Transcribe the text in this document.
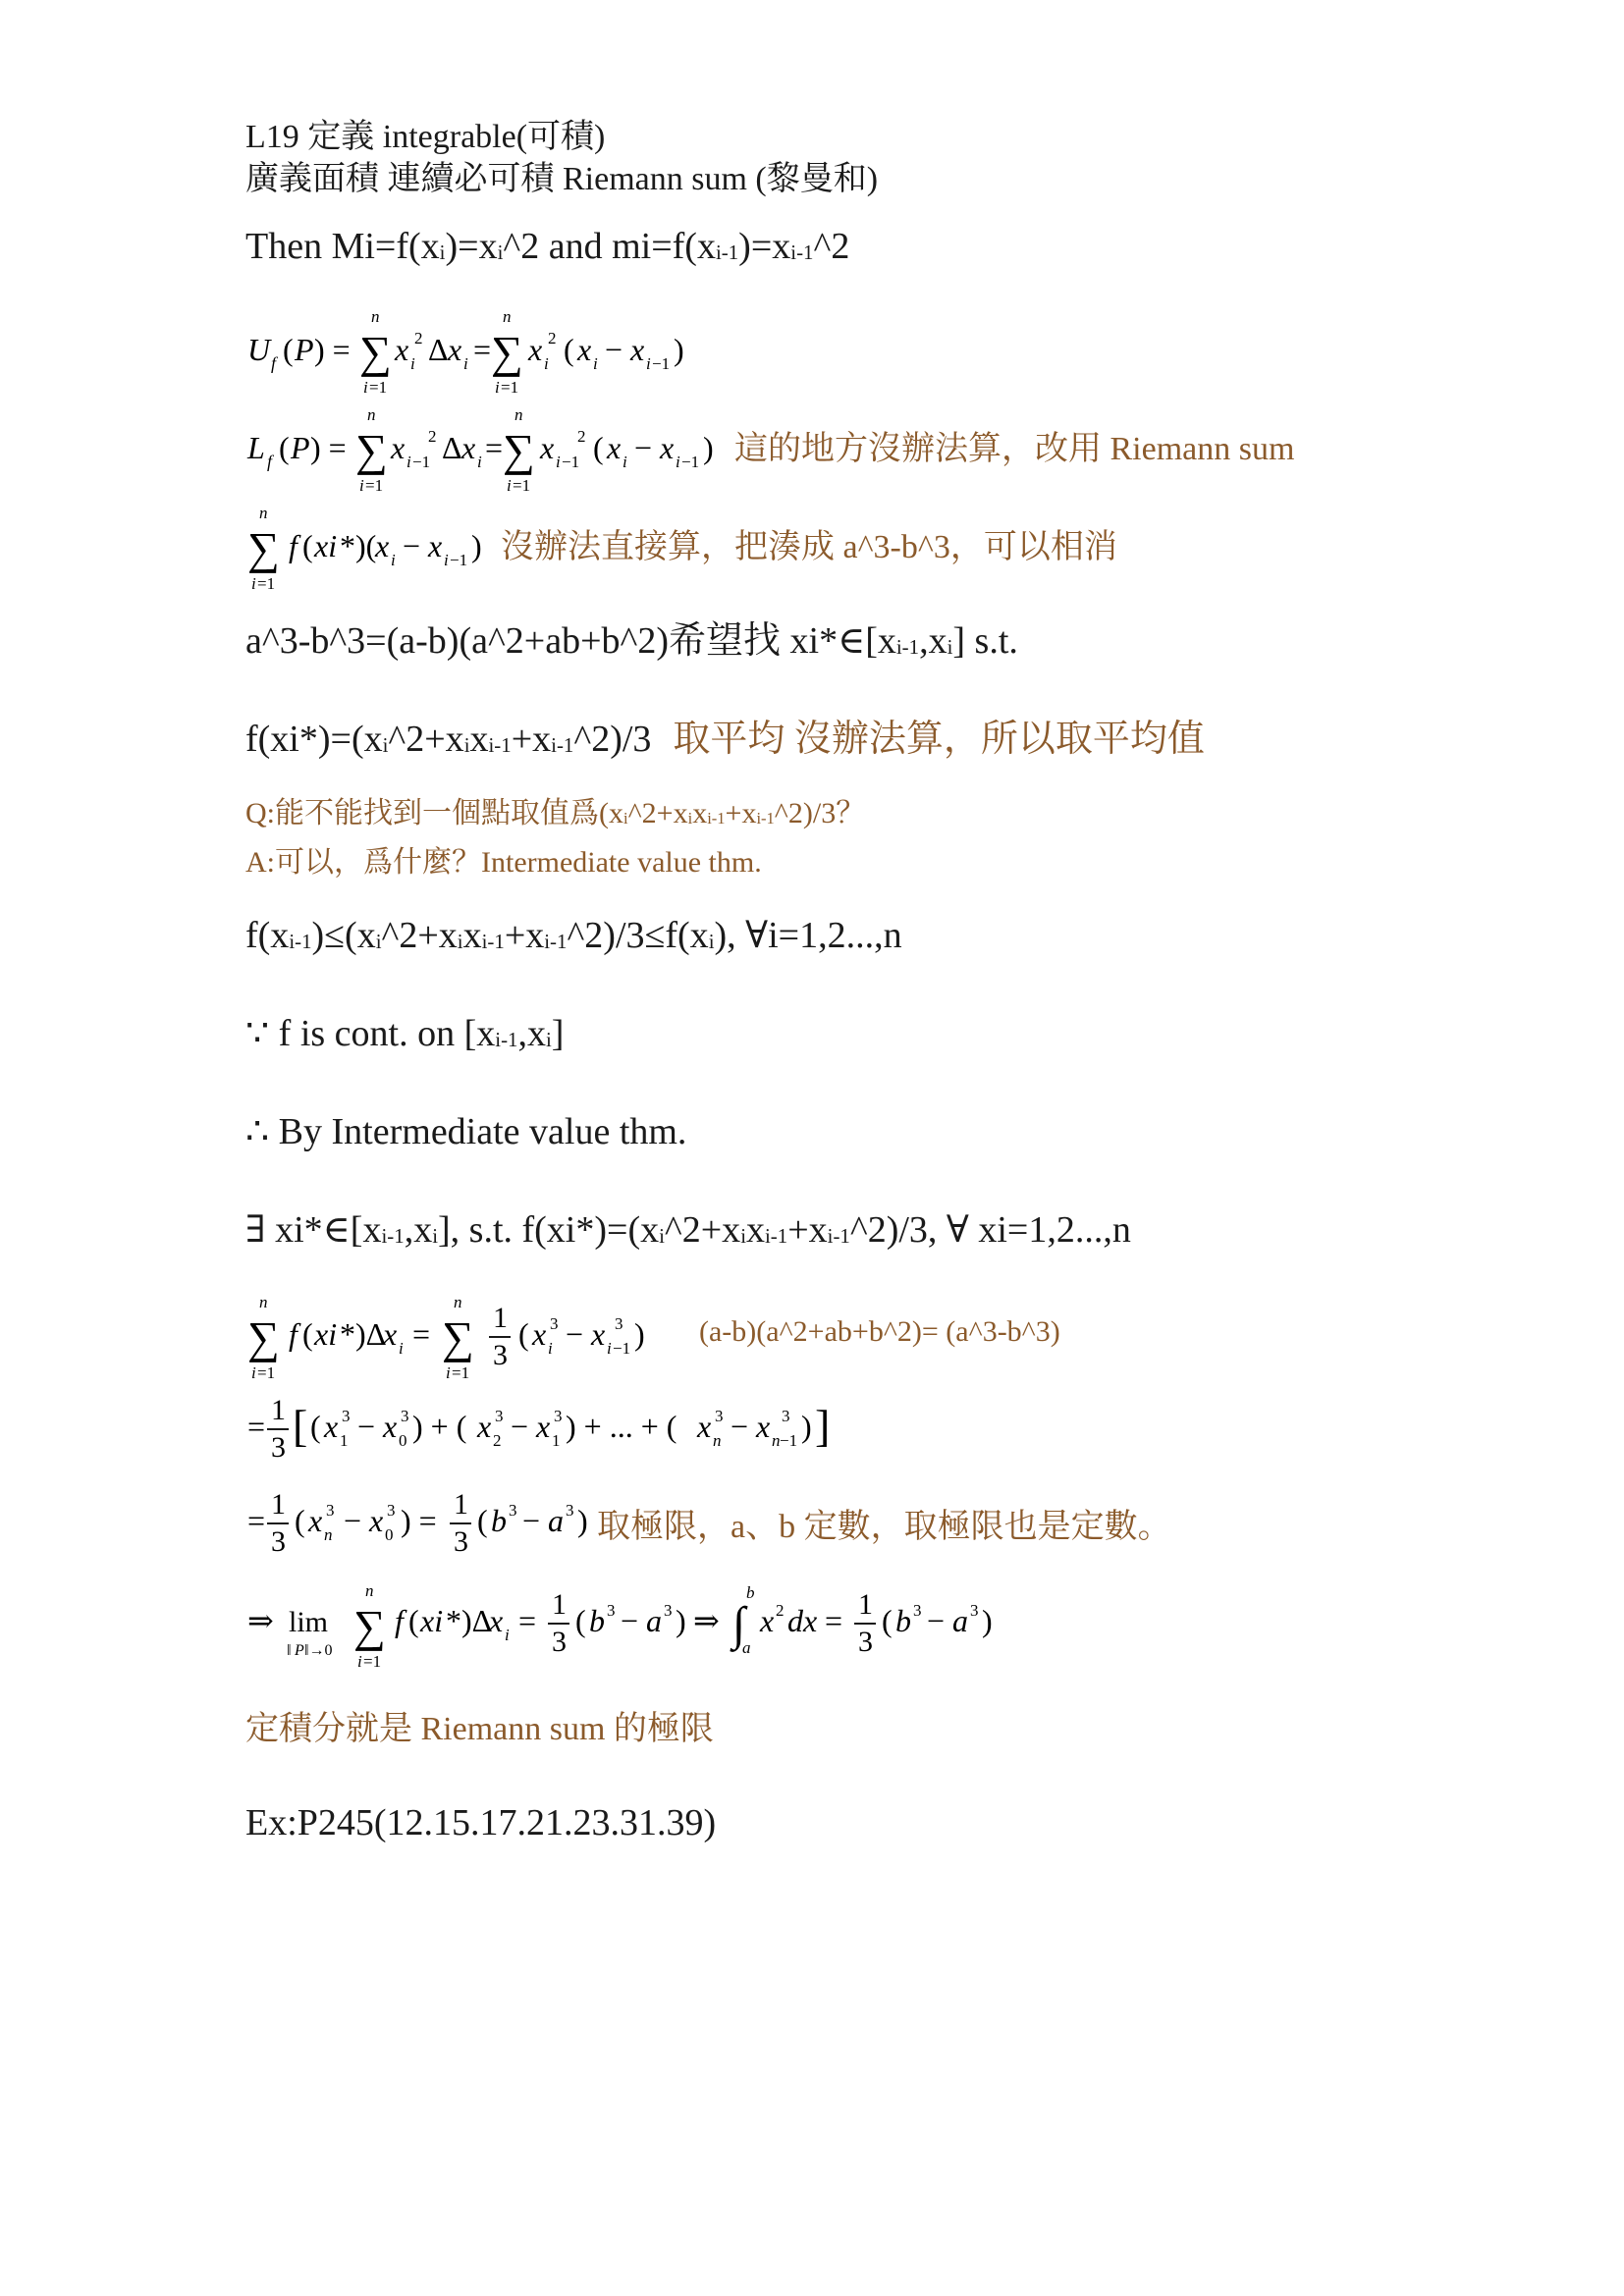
L19 定義 integrable(可積)
廣義面積 連續必可積 Riemann sum (黎曼和)
Then $Mi=f(x_i)=x_i\^{}2$ and $mi=f(x_{i-1})=x_{i-1}\^{}2$
U f ( P ) =
n
∑
i =1
x i
2 Δ x i =
n
∑
i =1
x i
2 ( x i − x i −1 )
L f ( P ) =
n
∑
i =1
x i −1
2 Δ x i =
n
∑
i =1
x i −1
2 ( x i − x i −1 ) 這的地方沒辦法算，改用 Riemann sum
n
∑
i =1
f ( xi *)(
x i − x i −1 ) 沒辦法直接算，把湊成 a^3-b^3，可以相消
a^3-b^3=(a-b)(a^2+ab+b^2)希望找 $xi*\in[x_{i-1},x_i]$ s.t.
$f(xi*)=(x_i\^{}2+x_ix_{i-1}+x_{i-1}\^{}2)/3$ 取平均 沒辦法算，所以取平均值
Q:能不能找到一個點取值爲$(x_i\^{}2+x_ix_{i-1}+x_{i-1}\^{}2)/3$？
A:可以，爲什麼？Intermediate value thm.
$f(x_{i-1})\le(x_i\^{}2+x_ix_{i-1}+x_{i-1}\^{}2)/3\le f(x_i)$, ∀i=1,2...,n
∵ f is cont. on $[x_{i-1},x_i]$
∴ By Intermediate value thm.
∃ $xi*\in[x_{i-1},x_i]$, s.t. $f(xi*)=(x_i\^{}2+x_ix_{i-1}+x_{i-1}\^{}2)/3$, ∀ xi=1,2...,n
n
∑
i =1
f ( xi *)Δ
x i =
n
∑
i =1
1
3
( x i
3 − x i −1
3 ) (a-b)(a^2+ab+b^2)= (a^3-b^3)
= 1
3 [ ( x 1
3 − x 0
3 ) + ( x 2
3 − x 1
3 ) + ... + ( x n
3 − x n −1
3 ) ]
= 1
3
( x n
3 − x 0
3 ) = 1
3
( b 3 − a 3 ) 取極限，a、b 定數，取極限也是定數。
⇒ lim
‖ P ‖→0
n
∑
i =1
f ( xi *)Δ
x i = 1
3
( b 3 − a 3 ) ⇒ ∫
b
a
x 2 dx = 1
3
( b 3 − a 3 )
定積分就是 Riemann sum 的極限
Ex:P245(12.15.17.21.23.31.39)
